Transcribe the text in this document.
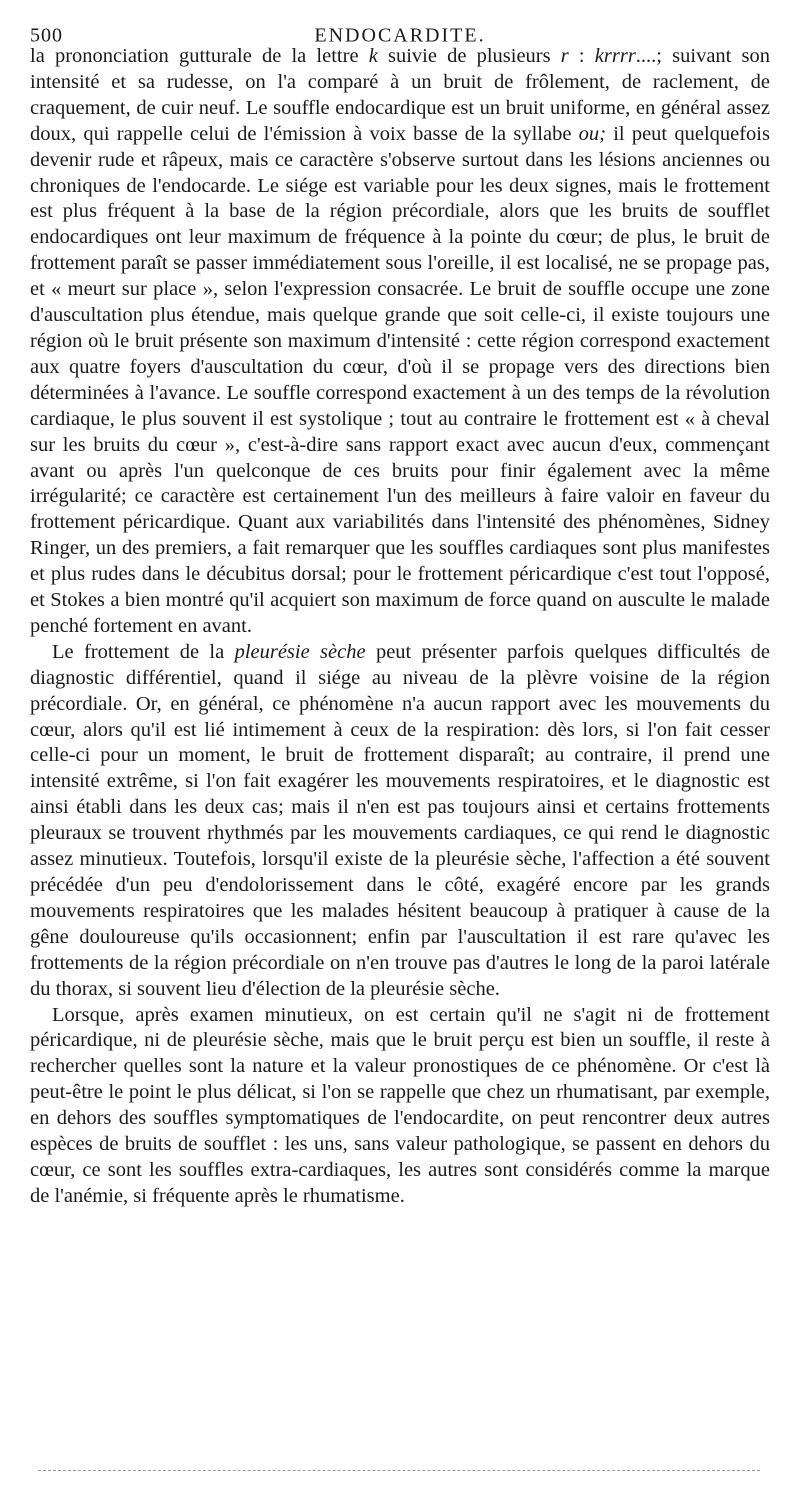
500	ENDOCARDITE.

la prononciation gutturale de la lettre k suivie de plusieurs r : krrrr....; suivant son intensité et sa rudesse, on l'a comparé à un bruit de frôlement, de raclement, de craquement, de cuir neuf. Le souffle endocardique est un bruit uniforme, en général assez doux, qui rappelle celui de l'émission à voix basse de la syllabe ou; il peut quelquefois devenir rude et râpeux, mais ce caractère s'observe surtout dans les lésions anciennes ou chroniques de l'endocarde. Le siége est variable pour les deux signes, mais le frottement est plus fréquent à la base de la région précordiale, alors que les bruits de soufflet endocardiques ont leur maximum de fréquence à la pointe du cœur; de plus, le bruit de frottement paraît se passer immédiatement sous l'oreille, il est localisé, ne se propage pas, et « meurt sur place », selon l'expression consacrée. Le bruit de souffle occupe une zone d'auscultation plus étendue, mais quelque grande que soit celle-ci, il existe toujours une région où le bruit présente son maximum d'intensité : cette région correspond exactement aux quatre foyers d'auscultation du cœur, d'où il se propage vers des directions bien déterminées à l'avance. Le souffle correspond exactement à un des temps de la révolution cardiaque, le plus souvent il est systolique ; tout au contraire le frottement est « à cheval sur les bruits du cœur », c'est-à-dire sans rapport exact avec aucun d'eux, commençant avant ou après l'un quelconque de ces bruits pour finir également avec la même irrégularité; ce caractère est certainement l'un des meilleurs à faire valoir en faveur du frottement péricardique. Quant aux variabilités dans l'intensité des phénomènes, Sidney Ringer, un des premiers, a fait remarquer que les souffles cardiaques sont plus manifestes et plus rudes dans le décubitus dorsal; pour le frottement péricardique c'est tout l'opposé, et Stokes a bien montré qu'il acquiert son maximum de force quand on ausculte le malade penché fortement en avant.

Le frottement de la pleurésie sèche peut présenter parfois quelques difficultés de diagnostic différentiel, quand il siége au niveau de la plèvre voisine de la région précordiale. Or, en général, ce phénomène n'a aucun rapport avec les mouvements du cœur, alors qu'il est lié intimement à ceux de la respiration: dès lors, si l'on fait cesser celle-ci pour un moment, le bruit de frottement disparaît; au contraire, il prend une intensité extrême, si l'on fait exagérer les mouvements respiratoires, et le diagnostic est ainsi établi dans les deux cas; mais il n'en est pas toujours ainsi et certains frottements pleuraux se trouvent rhythmés par les mouvements cardiaques, ce qui rend le diagnostic assez minutieux. Toutefois, lorsqu'il existe de la pleurésie sèche, l'affection a été souvent précédée d'un peu d'endolorissement dans le côté, exagéré encore par les grands mouvements respiratoires que les malades hésitent beaucoup à pratiquer à cause de la gêne douloureuse qu'ils occasionnent; enfin par l'auscultation il est rare qu'avec les frottements de la région précordiale on n'en trouve pas d'autres le long de la paroi latérale du thorax, si souvent lieu d'élection de la pleurésie sèche.

Lorsque, après examen minutieux, on est certain qu'il ne s'agit ni de frottement péricardique, ni de pleurésie sèche, mais que le bruit perçu est bien un souffle, il reste à rechercher quelles sont la nature et la valeur pronostiques de ce phénomène. Or c'est là peut-être le point le plus délicat, si l'on se rappelle que chez un rhumatisant, par exemple, en dehors des souffles symptomatiques de l'endocardite, on peut rencontrer deux autres espèces de bruits de soufflet : les uns, sans valeur pathologique, se passent en dehors du cœur, ce sont les souffles extra-cardiaques, les autres sont considérés comme la marque de l'anémie, si fréquente après le rhumatisme.
